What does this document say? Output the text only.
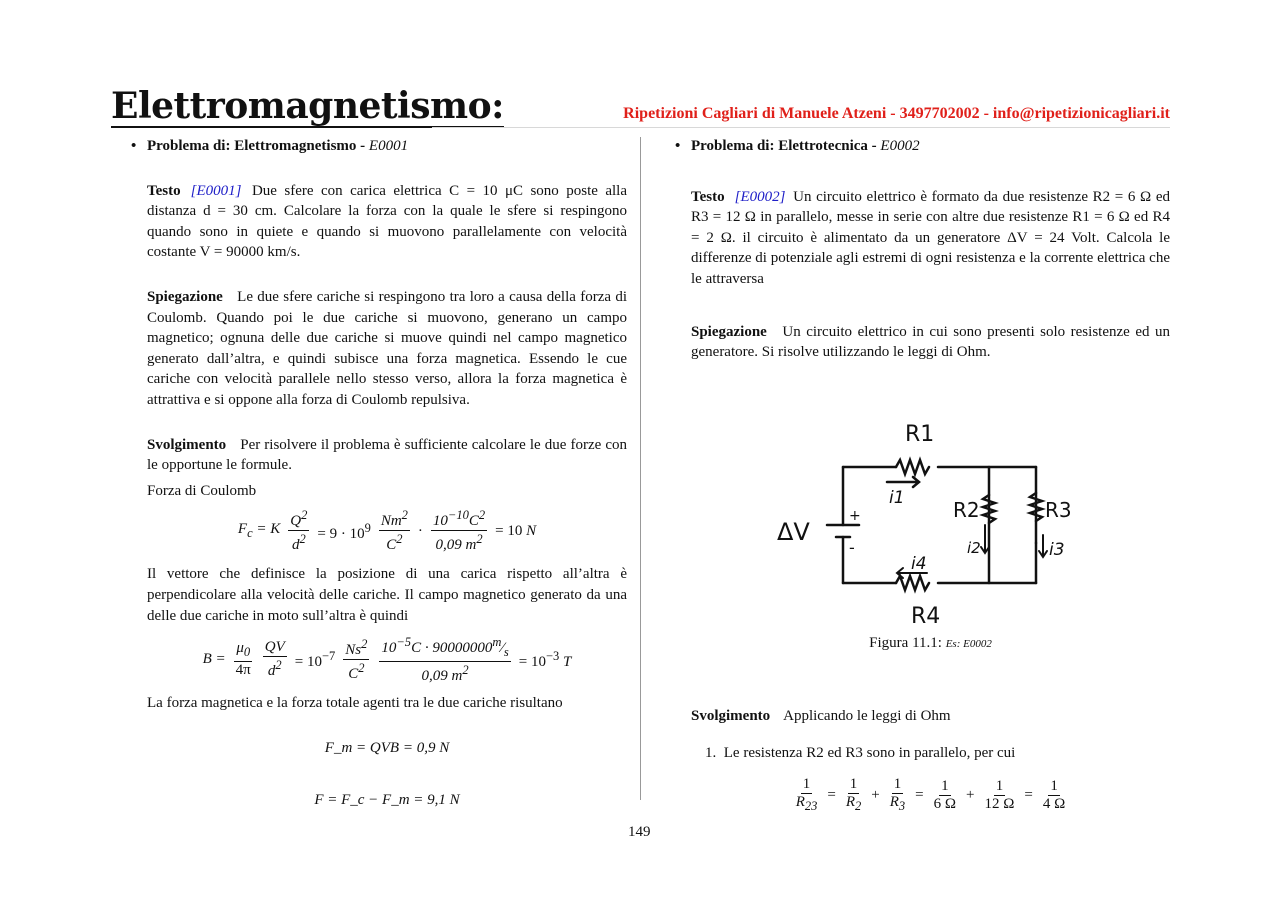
Elettromagnetismo:	Ripetizioni Cagliari di Manuele Atzeni - 3497702002 - info@ripetizionicagliari.it
• Problema di: Elettromagnetismo -
E0001
Testo [E0001] Due sfere con carica elettrica C = 10 μC sono poste alla distanza d = 30 cm. Calcolare la forza con la quale le sfere si respingono quando sono in quiete e quando si muovono parallelamente con velocità costante V = 90000 km/s.
Spiegazione Le due sfere cariche si respingono tra loro a causa della forza di Coulomb. Quando poi le due cariche si muovono, generano un campo magnetico; ognuna delle due cariche si muove quindi nel campo magnetico generato dall’altra, e quindi subisce una forza magnetica. Essendo le cue cariche con velocità parallele nello stesso verso, allora la forza magnetica è attrattiva e si oppone alla forza di Coulomb repulsiva.
Svolgimento Per risolvere il problema è sufficiente calcolare le due forze con le opportune le formule.
Forza di Coulomb
$F_c = K \frac{Q^2}{d^2} = 9 \cdot 10^9 \frac{Nm^2}{C^2} \cdot \frac{10^{-10}C^2}{0,09 m^2} = 10$ N
Il vettore che definisce la posizione di una carica rispetto all’altra è perpendicolare alla velocità delle cariche. Il campo magnetico generato da una delle due cariche in moto sull’altra è quindi
$B = \frac{\mu_0}{4\pi} \frac{QV}{d^2} = 10^{-7} \frac{Ns^2}{C^2} \frac{10^{-5}C \cdot 90000000^m⁄_s}{0,09 m^2} = 10^{-3}$ T
La forza magnetica e la forza totale agenti tra le due cariche risultano
F_m = QVB = 0,9 N
F = F_c − F_m = 9,1 N
• Problema di: Elettrotecnica -
E0002
Testo [E0002] Un circuito elettrico è formato da due resistenze R2 = 6 Ω ed R3 = 12 Ω in parallelo, messe in serie con altre due resistenze R1 = 6 Ω ed R4 = 2 Ω. il circuito è alimentato da un generatore ΔV = 24 Volt. Calcola le differenze di potenziale agli estremi di ogni resistenza e la corrente elettrica che le attraversa
Spiegazione Un circuito elettrico in cui sono presenti solo resistenze ed un generatore. Si risolve utilizzando le leggi di Ohm.
R1
R2	R3
R4
ΔV
i1
i2	i3
i4
+
-
Figura 11.1: Es: E0002
Svolgimento Applicando le leggi di Ohm
1.  Le resistenza R2 ed R3 sono in parallelo, per cui
$\frac{1}{R_{23}} = \frac{1}{R_2} + \frac{1}{R_3} = \frac{1}{6 \Omega} + \frac{1}{12 \Omega} = \frac{1}{4 \Omega}$
149
